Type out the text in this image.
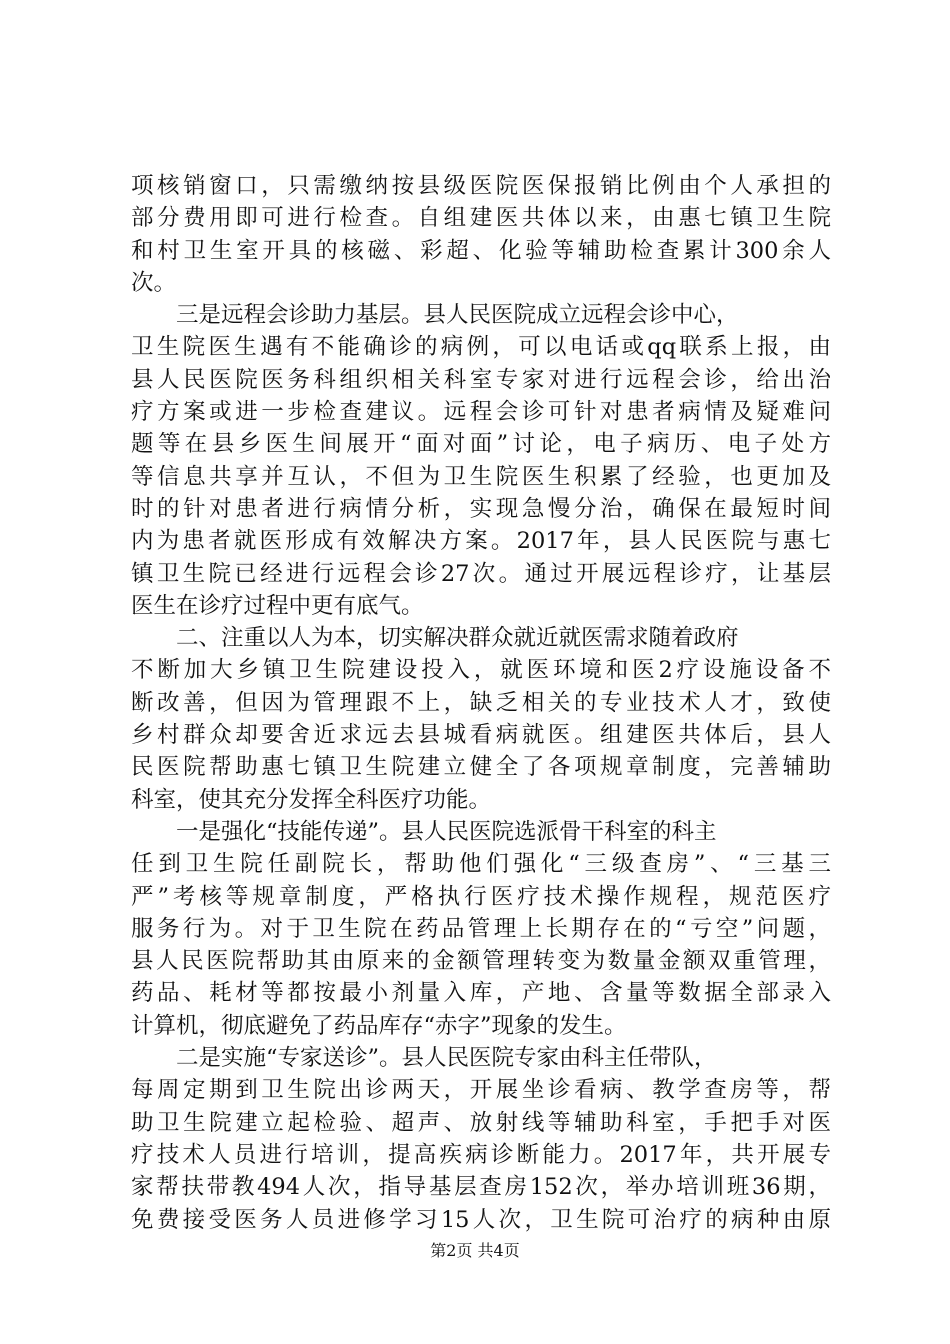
项核销窗口，只需缴纳按县级医院医保报销比例由个人承担的
部分费用即可进行检查。自组建医共体以来，由惠七镇卫生院
和村卫生室开具的核磁、彩超、化验等辅助检查累计300余人
次。
三是远程会诊助力基层。县人民医院成立远程会诊中心，
卫生院医生遇有不能确诊的病例，可以电话或qq联系上报，由
县人民医院医务科组织相关科室专家对进行远程会诊，给出治
疗方案或进一步检查建议。远程会诊可针对患者病情及疑难问
题等在县乡医生间展开“面对面”讨论，电子病历、电子处方
等信息共享并互认，不但为卫生院医生积累了经验，也更加及
时的针对患者进行病情分析，实现急慢分治，确保在最短时间
内为患者就医形成有效解决方案。2017年，县人民医院与惠七
镇卫生院已经进行远程会诊27次。通过开展远程诊疗，让基层
医生在诊疗过程中更有底气。
二、注重以人为本，切实解决群众就近就医需求随着政府
不断加大乡镇卫生院建设投入，就医环境和医2疗设施设备不
断改善，但因为管理跟不上，缺乏相关的专业技术人才，致使
乡村群众却要舍近求远去县城看病就医。组建医共体后，县人
民医院帮助惠七镇卫生院建立健全了各项规章制度，完善辅助
科室，使其充分发挥全科医疗功能。
一是强化“技能传递”。县人民医院选派骨干科室的科主
任到卫生院任副院长，帮助他们强化“三级查房”、“三基三
严”考核等规章制度，严格执行医疗技术操作规程，规范医疗
服务行为。对于卫生院在药品管理上长期存在的“亏空”问题，
县人民医院帮助其由原来的金额管理转变为数量金额双重管理，
药品、耗材等都按最小剂量入库，产地、含量等数据全部录入
计算机，彻底避免了药品库存“赤字”现象的发生。
二是实施“专家送诊”。县人民医院专家由科主任带队，
每周定期到卫生院出诊两天，开展坐诊看病、教学查房等，帮
助卫生院建立起检验、超声、放射线等辅助科室，手把手对医
疗技术人员进行培训，提高疾病诊断能力。2017年，共开展专
家帮扶带教494人次，指导基层查房152次，举办培训班36期，
免费接受医务人员进修学习15人次，卫生院可治疗的病种由原
第2页 共4页
